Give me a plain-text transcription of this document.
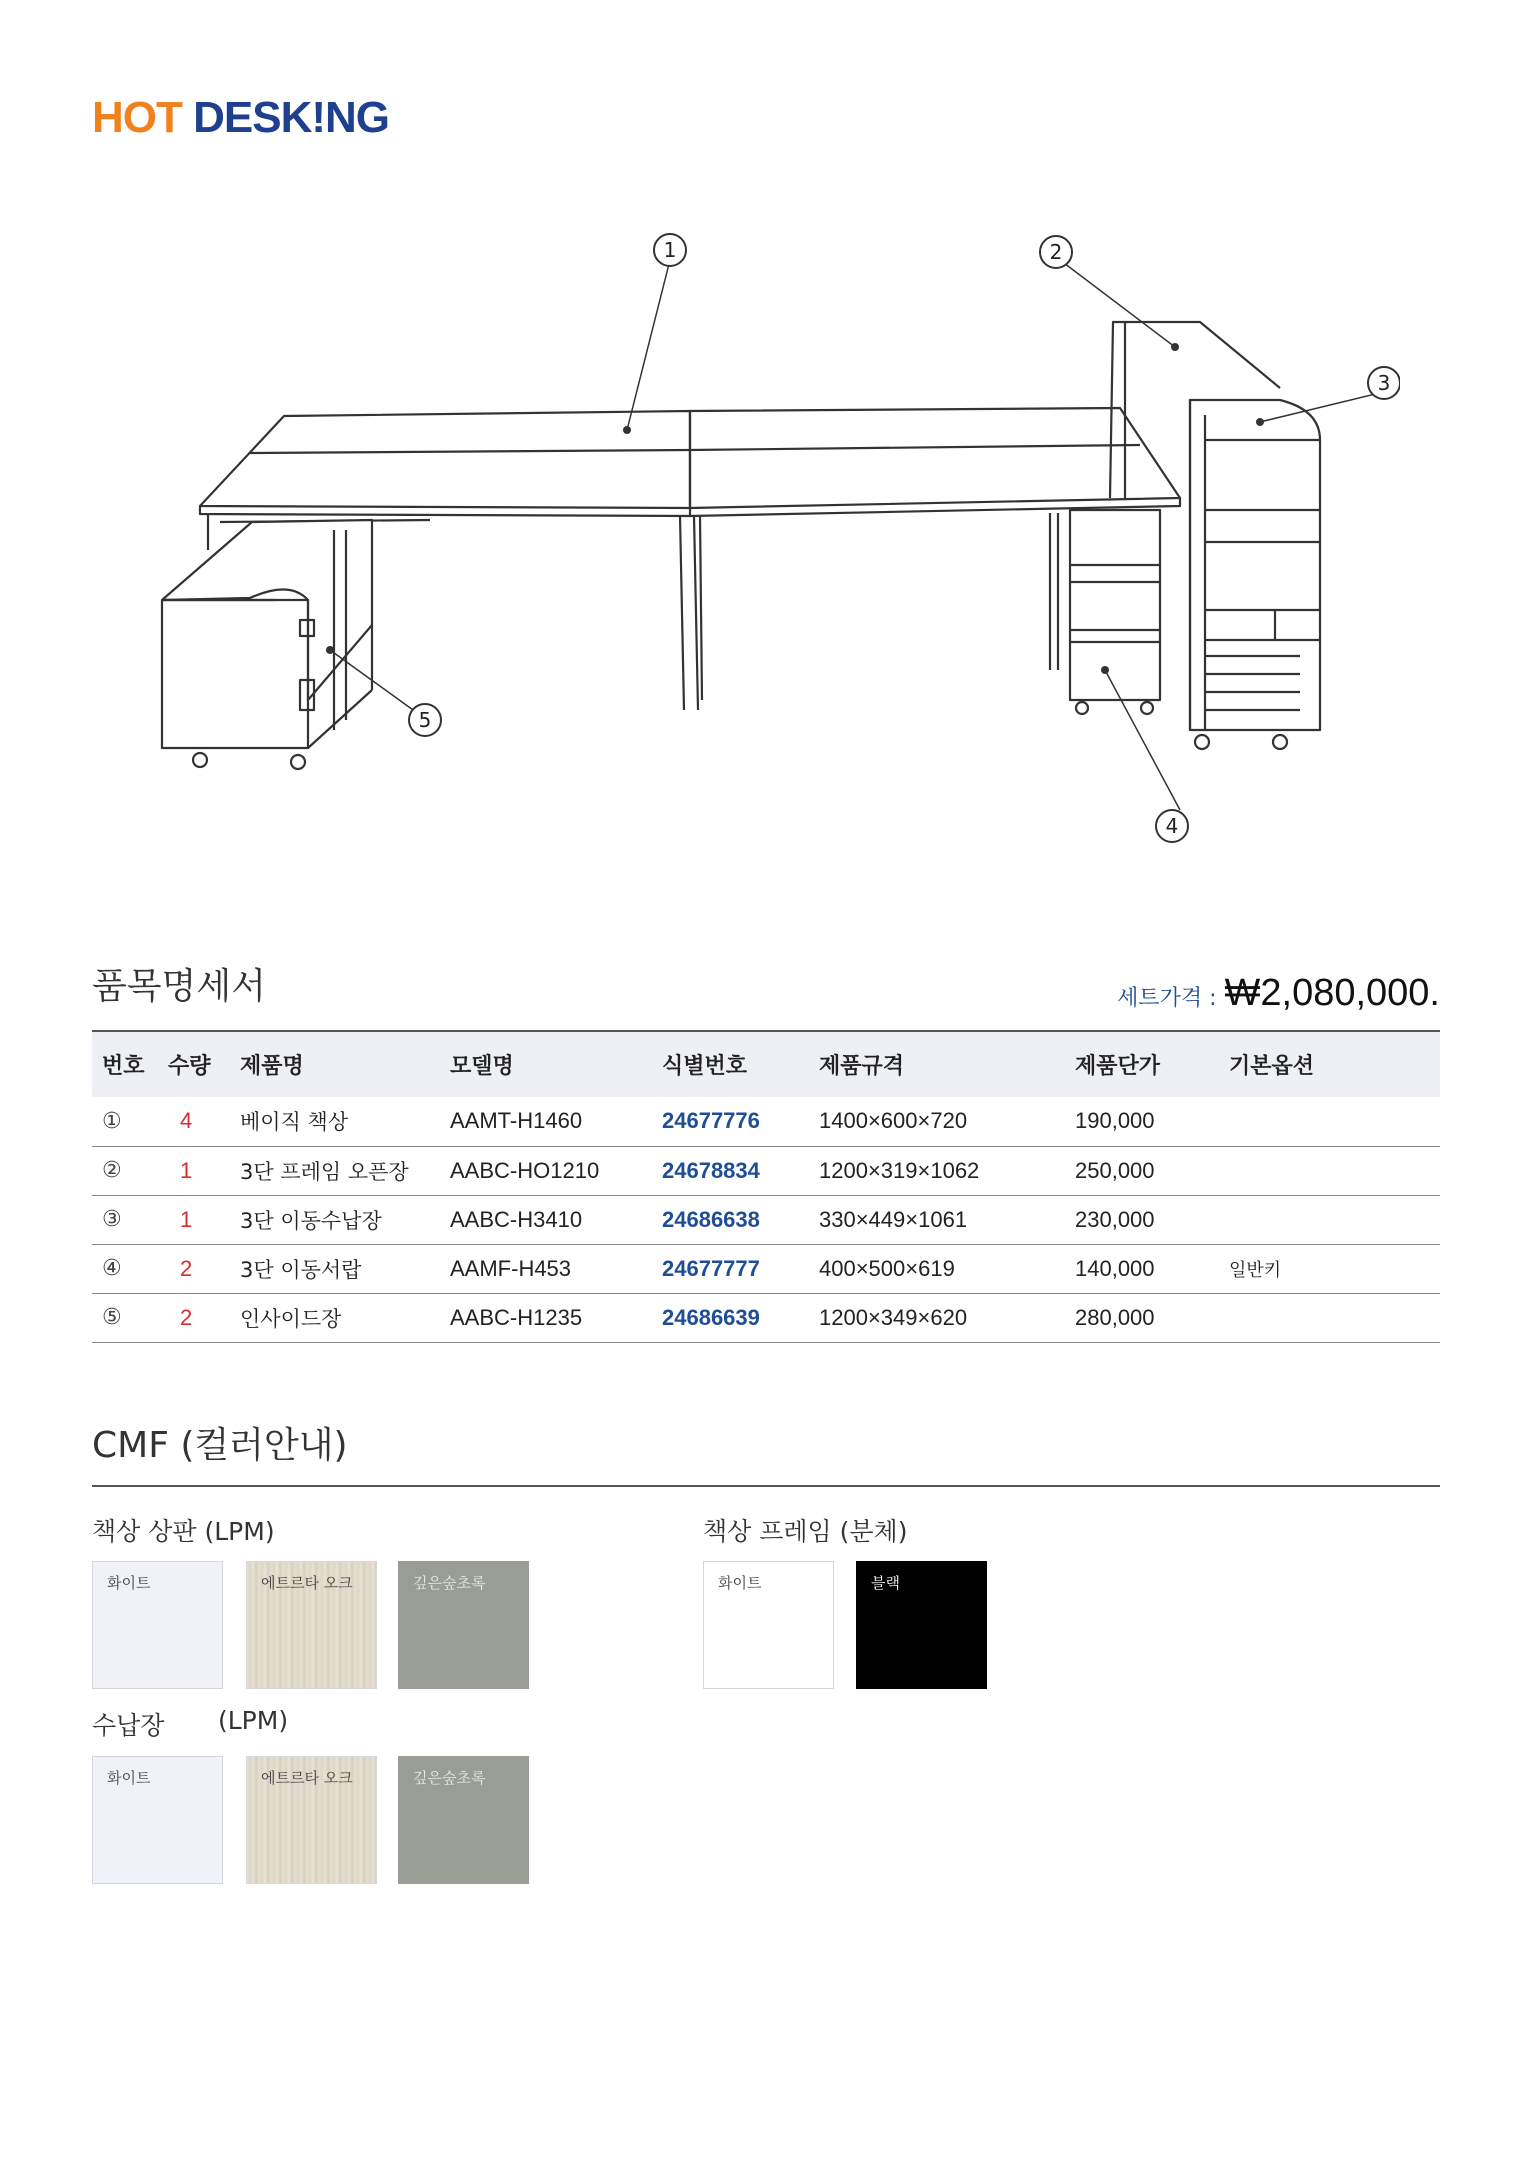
HOT DESK!NG
1	2
3
4
5
품목명세서	세트가격 : ₩2,080,000.
번호	수량	제품명	모델명	식별번호	제품규격	제품단가	기본옵션
①	4	베이직 책상	AAMT-H1460	24677776	1400×600×720	190,000	
②	1	3단 프레임 오픈장	AABC-HO1210	24678834	1200×319×1062	250,000	
③	1	3단 이동수납장	AABC-H3410	24686638	330×449×1061	230,000	
④	2	3단 이동서랍	AAMF-H453	24677777	400×500×619	140,000	일반키
⑤	2	인사이드장	AABC-H1235	24686639	1200×349×620	280,000	
CMF (컬러안내)
책상 상판 (LPM)
화이트	에트르타 오크	깊은숲초록
책상 프레임 (분체)
화이트	블랙
수납장 (LPM)
화이트	에트르타 오크	깊은숲초록
